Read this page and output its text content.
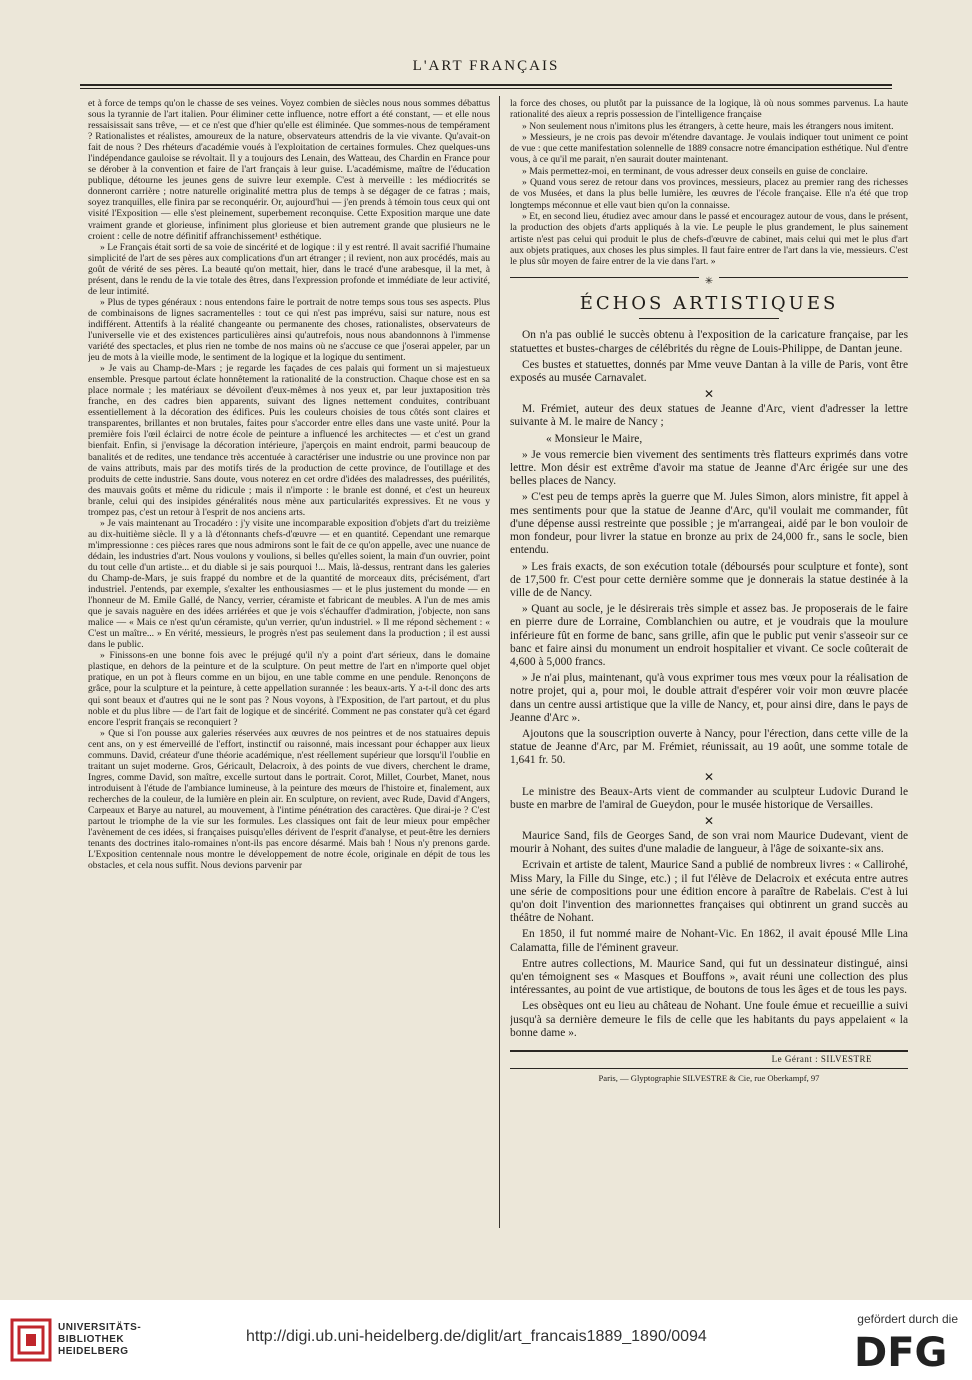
L'ART FRANÇAIS

et à force de temps qu'on le chasse de ses veines. Voyez combien de siècles nous nous sommes débattus sous la tyrannie de l'art italien. Pour éliminer cette influence, notre effort a été constant, — et elle nous ressaisissait sans trêve, — et ce n'est que d'hier qu'elle est éliminée. Que sommes-nous de tempérament ? Rationalistes et réalistes, amoureux de la nature, observateurs attendris de la vie vivante. Qu'avait-on fait de nous ? Des rhéteurs d'académie voués à l'exploitation de certaines formules. Chez quelques-uns l'indépendance gauloise se révoltait. Il y a toujours des Lenain, des Watteau, des Chardin en France pour se dérober à la convention et faire de l'art français à leur guise. L'académisme, maître de l'éducation publique, détourne les jeunes gens de suivre leur exemple. C'est à merveille : les médiocrités se donneront carrière ; notre naturelle originalité mettra plus de temps à se dégager de ce fatras ; mais, soyez tranquilles, elle finira par se reconquérir. Or, aujourd'hui — j'en prends à témoin tous ceux qui ont visité l'Exposition — elle s'est pleinement, superbement reconquise. Cette Exposition marque une date vraiment grande et glorieuse, infiniment plus glorieuse et bien autrement grande que plusieurs ne le croient : celle de notre définitif affranchissement¹ esthétique.

» Le Français était sorti de sa voie de sincérité et de logique : il y est rentré. Il avait sacrifié l'humaine simplicité de l'art de ses pères aux complications d'un art étranger ; il revient, non aux procédés, mais au goût de vérité de ses pères. La beauté qu'on mettait, hier, dans le tracé d'une arabesque, il la met, à présent, dans le rendu de la vie totale des êtres, dans l'expression profonde et immédiate de leur activité, de leur intimité.

» Plus de types généraux : nous entendons faire le portrait de notre temps sous tous ses aspects. Plus de combinaisons de lignes sacramentelles : tout ce qui n'est pas imprévu, saisi sur nature, nous est indifférent. Attentifs à la réalité changeante ou permanente des choses, rationalistes, observateurs de l'universelle vie et des existences particulières ainsi qu'autrefois, nous nous abandonnons à l'immense variété des spectacles, et plus rien ne tombe de nos mains où ne s'accuse ce que j'oserai appeler, par un jeu de mots à la vieille mode, le sentiment de la logique et la logique du sentiment.

» Je vais au Champ-de-Mars ; je regarde les façades de ces palais qui forment un si majestueux ensemble. Presque partout éclate honnêtement la rationalité de la construction. Chaque chose est en sa place normale ; les matériaux se dévoilent d'eux-mêmes à nos yeux et, par leur juxtaposition très franche, en des cadres bien apparents, suivant des lignes nettement conduites, contribuant essentiellement à la décoration des édifices. Puis les couleurs choisies de tous côtés sont claires et transparentes, brillantes et non brutales, faites pour s'accorder entre elles dans une vaste unité. Pour la première fois l'œil éclairci de notre école de peinture a influencé les architectes — et c'est un grand bienfait. Enfin, si j'envisage la décoration intérieure, j'aperçois en maint endroit, parmi beaucoup de banalités et de redites, une tendance très accentuée à caractériser une industrie ou une province non par de vains attributs, mais par des motifs tirés de la production de cette province, de l'outillage et des produits de cette industrie. Sans doute, vous noterez en cet ordre d'idées des maladresses, des puérilités, des mauvais goûts et même du ridicule ; mais il n'importe : le branle est donné, et c'est un heureux branle, celui qui des insipides généralités nous mène aux particularités expressives. Et ne vous y trompez pas, c'est un retour à l'esprit de nos anciens arts.

» Je vais maintenant au Trocadéro : j'y visite une incomparable exposition d'objets d'art du treizième au dix-huitième siècle. Il y a là d'étonnants chefs-d'œuvre — et en quantité. Cependant une remarque m'impressionne : ces pièces rares que nous admirons sont le fait de ce qu'on appelle, avec une nuance de dédain, les industries d'art. Nous voulons y voulions, si belles qu'elles soient, la main d'un ouvrier, point du tout celle d'un artiste... et du diable si je sais pourquoi !... Mais, là-dessus, rentrant dans les galeries du Champ-de-Mars, je suis frappé du nombre et de la quantité de morceaux dits, précisément, d'art industriel. J'entends, par exemple, s'exalter les enthousiasmes — et le plus justement du monde — en l'honneur de M. Emile Gallé, de Nancy, verrier, céramiste et fabricant de meubles. A l'un de mes amis que je savais naguère en des idées arriérées et que je vois s'échauffer d'admiration, j'objecte, non sans malice — « Mais ce n'est qu'un céramiste, qu'un verrier, qu'un industriel. » Il me répond sèchement : « C'est un maître... » En vérité, messieurs, le progrès n'est pas seulement dans la production ; il est aussi dans le public.

» Finissons-en une bonne fois avec le préjugé qu'il n'y a point d'art sérieux, dans le domaine plastique, en dehors de la peinture et de la sculpture. On peut mettre de l'art en n'importe quel objet pratique, en un pot à fleurs comme en un bijou, en une table comme en une pendule. Renonçons de grâce, pour la sculpture et la peinture, à cette appellation surannée : les beaux-arts. Y a-t-il donc des arts qui sont beaux et d'autres qui ne le sont pas ? Nous voyons, à l'Exposition, de l'art partout, et du plus noble et du plus libre — de l'art fait de logique et de sincérité. Comment ne pas constater qu'à cet égard encore l'esprit français se reconquiert ?

» Que si l'on pousse aux galeries réservées aux œuvres de nos peintres et de nos statuaires depuis cent ans, on y est émerveillé de l'effort, instinctif ou raisonné, mais incessant pour échapper aux lieux communs. David, créateur d'une théorie académique, n'est réellement supérieur que lorsqu'il l'oublie en traitant un sujet moderne. Gros, Géricault, Delacroix, à des points de vue divers, cherchent le drame, Ingres, comme David, son maître, excelle surtout dans le portrait. Corot, Millet, Courbet, Manet, nous introduisent à l'étude de l'ambiance lumineuse, à la peinture des mœurs de l'histoire et, finalement, aux recherches de la couleur, de la lumière en plein air. En sculpture, on revient, avec Rude, David d'Angers, Carpeaux et Barye au naturel, au mouvement, à l'intime pénétration des caractères. Que dirai-je ? C'est partout le triomphe de la vie sur les formules. Les classiques ont fait de leur mieux pour empêcher l'avènement de ces idées, si françaises puisqu'elles dérivent de l'esprit d'analyse, et peut-être les derniers tenants des doctrines italo-romaines n'ont-ils pas encore désarmé. Mais bah ! Nous n'y prenons garde. L'Exposition centennale nous montre le développement de notre école, originale en dépit de tous les obstacles, et cela nous suffit. Nous devions parvenir par

la force des choses, ou plutôt par la puissance de la logique, là où nous sommes parvenus. La haute rationalité des aïeux a repris possession de l'intelligence française

» Non seulement nous n'imitons plus les étrangers, à cette heure, mais les étrangers nous imitent.

» Messieurs, je ne crois pas devoir m'étendre davantage. Je voulais indiquer tout uniment ce point de vue : que cette manifestation solennelle de 1889 consacre notre émancipation esthétique. Nul d'entre vous, à ce qu'il me parait, n'en saurait douter maintenant.

» Mais permettez-moi, en terminant, de vous adresser deux conseils en guise de conclaire.

» Quand vous serez de retour dans vos provinces, messieurs, placez au premier rang des richesses de vos Musées, et dans la plus belle lumière, les œuvres de l'école française. Elle n'a été que trop longtemps méconnue et elle vaut bien qu'on la connaisse.

» Et, en second lieu, étudiez avec amour dans le passé et encouragez autour de vous, dans le présent, la production des objets d'arts appliqués à la vie. Le peuple le plus grandement, le plus sainement artiste n'est pas celui qui produit le plus de chefs-d'œuvre de cabinet, mais celui qui met le plus d'art aux objets pratiques, aux choses les plus simples. Il faut faire entrer de l'art dans la vie, messieurs. C'est le plus sûr moyen de faire entrer de la vie dans l'art. »

✳
ÉCHOS ARTISTIQUES

On n'a pas oublié le succès obtenu à l'exposition de la caricature française, par les statuettes et bustes-charges de célébrités du règne de Louis-Philippe, de Dantan jeune.

Ces bustes et statuettes, donnés par Mme veuve Dantan à la ville de Paris, vont être exposés au musée Carnavalet.

✕

M. Frémiet, auteur des deux statues de Jeanne d'Arc, vient d'adresser la lettre suivante à M. le maire de Nancy ;

« Monsieur le Maire,

» Je vous remercie bien vivement des sentiments très flatteurs exprimés dans votre lettre. Mon désir est extrême d'avoir ma statue de Jeanne d'Arc érigée sur une des belles places de Nancy.

» C'est peu de temps après la guerre que M. Jules Simon, alors ministre, fit appel à mes sentiments pour que la statue de Jeanne d'Arc, qu'il voulait me commander, fût d'une dépense aussi restreinte que possible ; je m'arrangeai, aidé par le bon vouloir de mon fondeur, pour livrer la statue en bronze au prix de 24,000 fr., sans le socle, bien entendu.

» Les frais exacts, de son exécution totale (déboursés pour sculpture et fonte), sont de 17,500 fr. C'est pour cette dernière somme que je donnerais la statue destinée à la ville de de Nancy.

» Quant au socle, je le désirerais très simple et assez bas. Je proposerais de le faire en pierre dure de Lorraine, Comblanchien ou autre, et je voudrais que la moulure inférieure fût en forme de banc, sans grille, afin que le public put venir s'asseoir sur ce banc et faire ainsi du monument un endroit hospitalier et vivant. Ce socle coûterait de 4,600 à 5,000 francs.

» Je n'ai plus, maintenant, qu'à vous exprimer tous mes vœux pour la réalisation de notre projet, qui a, pour moi, le double attrait d'espérer voir voir mon œuvre placée dans un centre aussi artistique que la ville de Nancy, et, pour ainsi dire, dans le pays de Jeanne d'Arc ».

Ajoutons que la souscription ouverte à Nancy, pour l'érection, dans cette ville de la statue de Jeanne d'Arc, par M. Frémiet, réunissait, au 19 août, une somme totale de 1,641 fr. 50.

✕

Le ministre des Beaux-Arts vient de commander au sculpteur Ludovic Durand le buste en marbre de l'amiral de Gueydon, pour le musée historique de Versailles.

✕

Maurice Sand, fils de Georges Sand, de son vrai nom Maurice Dudevant, vient de mourir à Nohant, des suites d'une maladie de langueur, à l'âge de soixante-six ans.

Ecrivain et artiste de talent, Maurice Sand a publié de nombreux livres : « Callirohé, Miss Mary, la Fille du Singe, etc.) ; il fut l'élève de Delacroix et exécuta entre autres une série de compositions pour une édition encore à paraître de Rabelais. C'est à lui qu'on doit l'invention des marionnettes françaises qui obtinrent un grand succès au théâtre de Nohant.

En 1850, il fut nommé maire de Nohant-Vic. En 1862, il avait épousé Mlle Lina Calamatta, fille de l'éminent graveur.

Entre autres collections, M. Maurice Sand, qui fut un dessinateur distingué, ainsi qu'en témoignent ses « Masques et Bouffons », avait réuni une collection des plus intéressantes, au point de vue artistique, de boutons de tous les âges et de tous les pays.

Les obsèques ont eu lieu au château de Nohant. Une foule émue et recueillie a suivi jusqu'à sa dernière demeure le fils de celle que les habitants du pays appelaient « la bonne dame ».

Le Gérant : SILVESTRE
Paris, — Glyptographie SILVESTRE & Cie, rue Oberkampf, 97
UNIVERSITÄTS-
BIBLIOTHEK
HEIDELBERG
http://digi.ub.uni-heidelberg.de/diglit/art_francais1889_1890/0094
gefördert durch die
DFG
